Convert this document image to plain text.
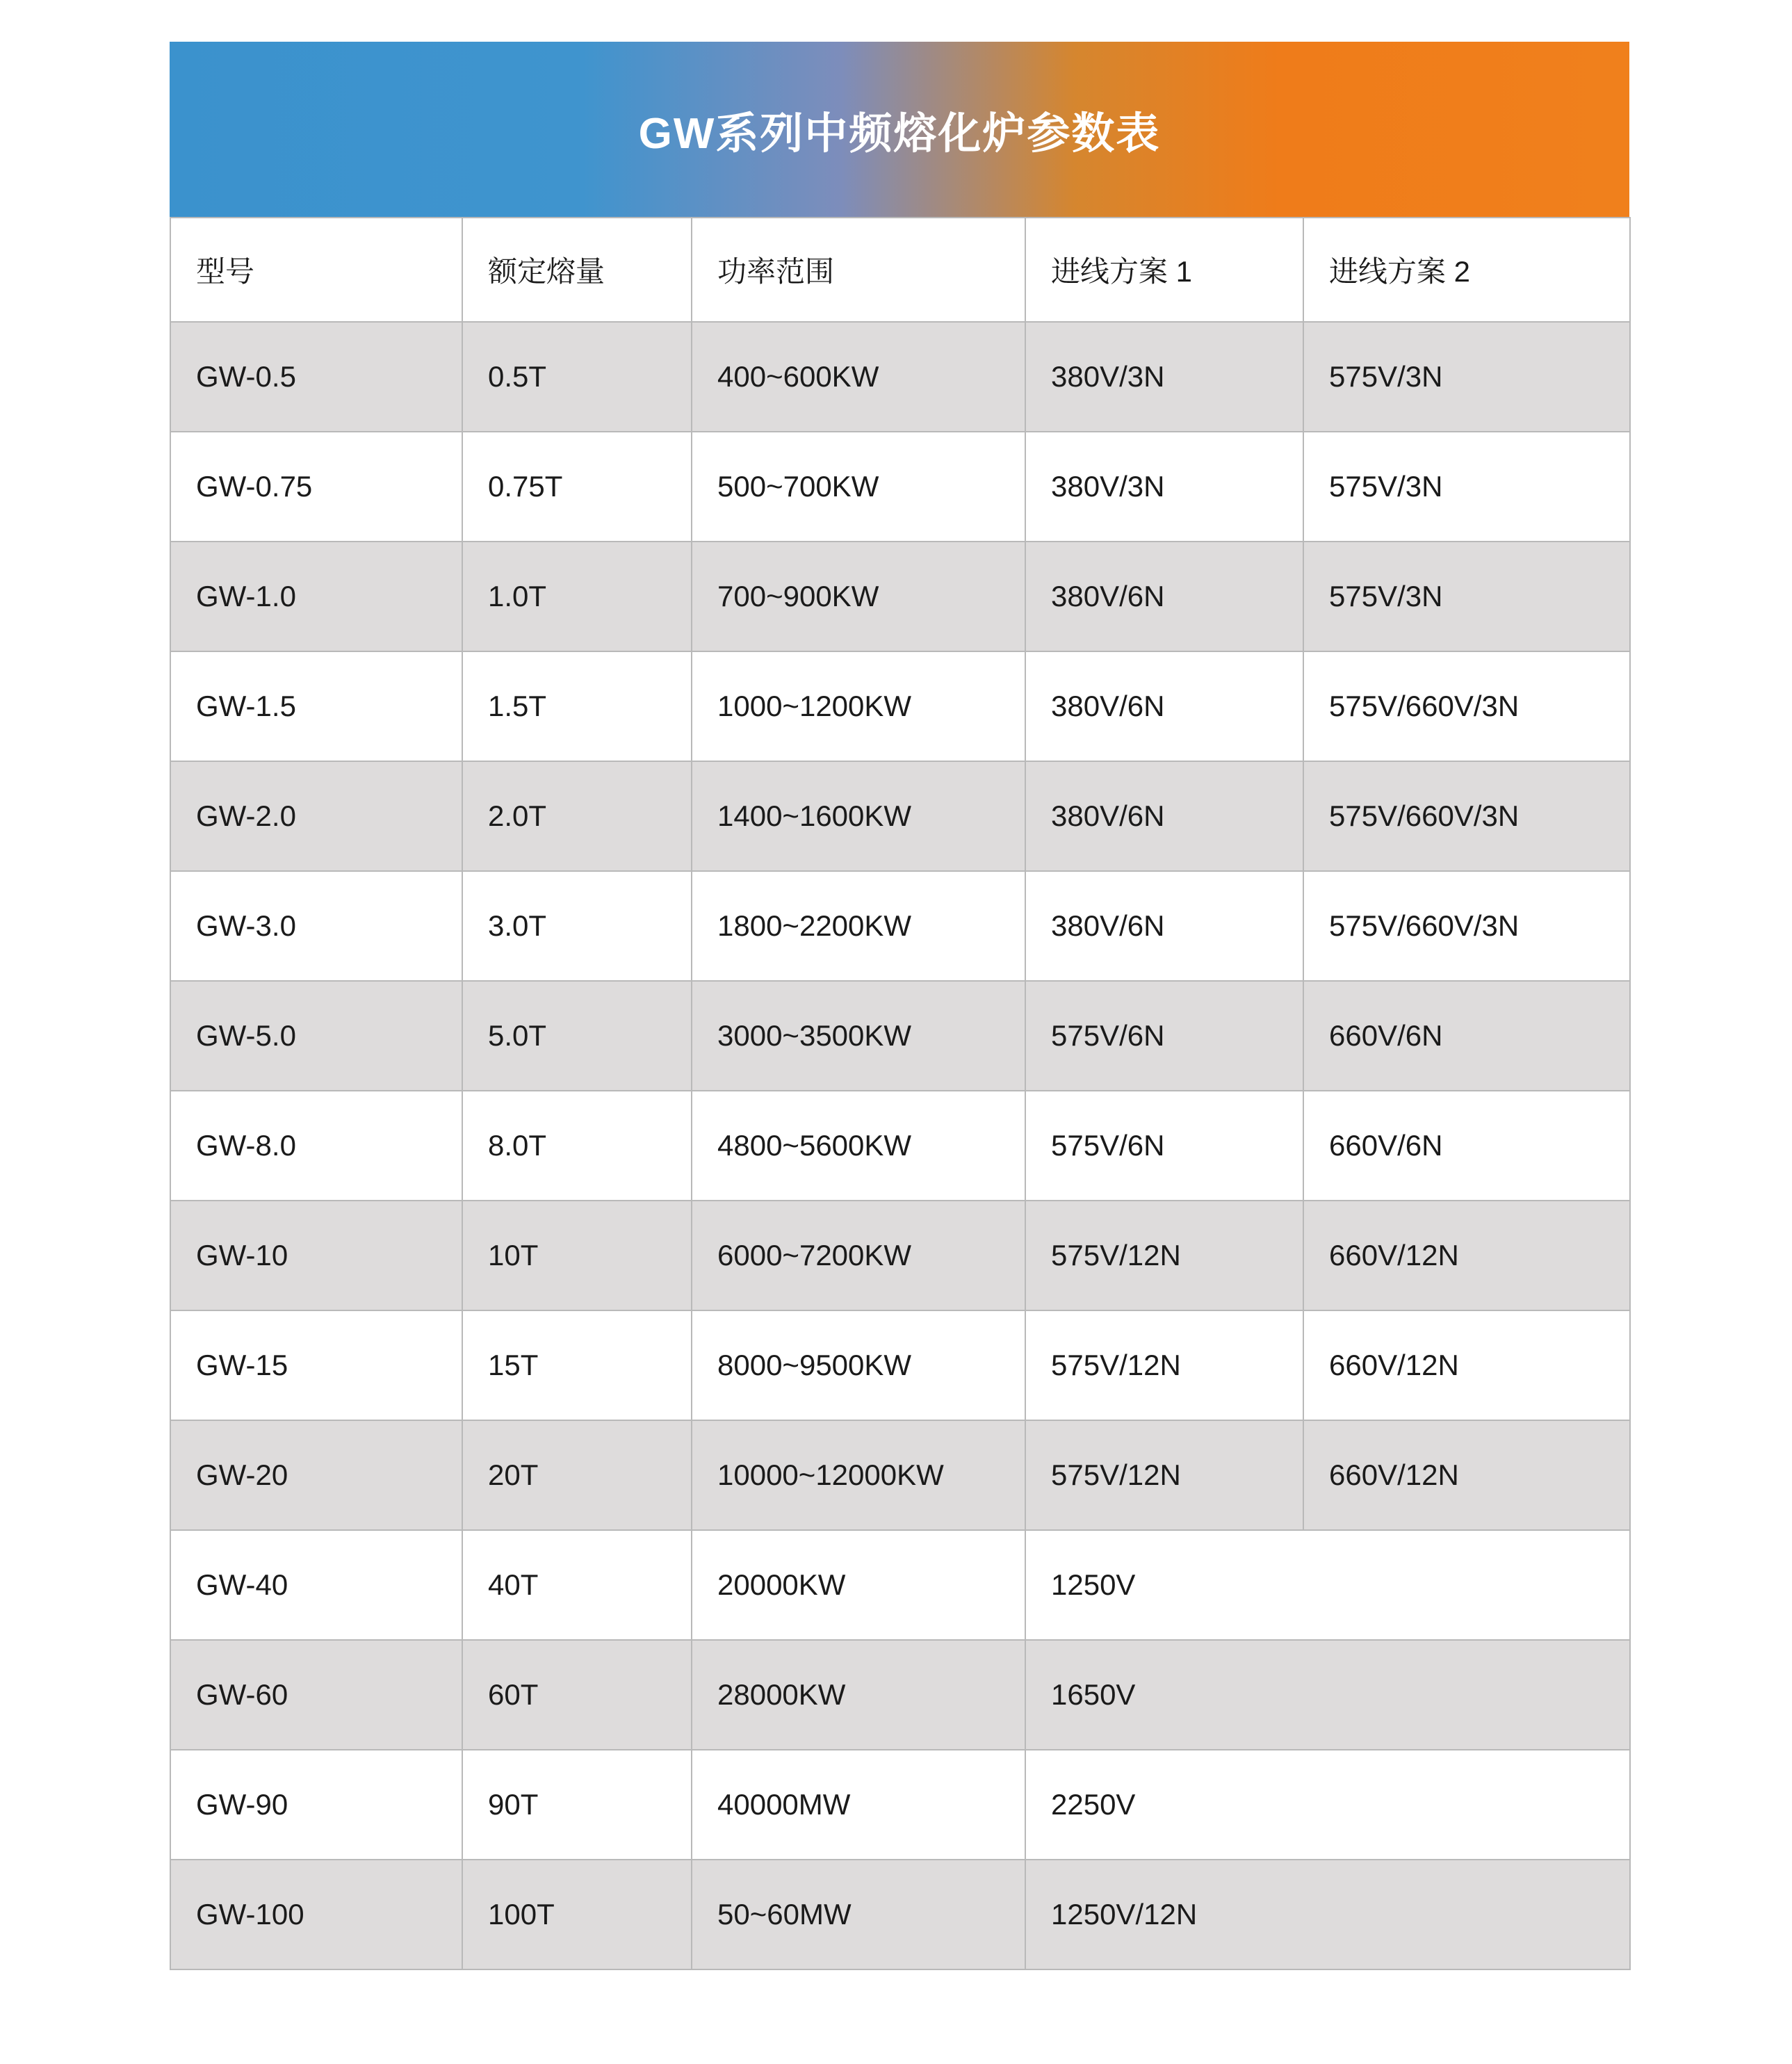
GW系列中频熔化炉参数表
型号	额定熔量	功率范围	进线方案 1	进线方案 2
GW-0.5	0.5T	400~600KW	380V/3N	575V/3N
GW-0.75	0.75T	500~700KW	380V/3N	575V/3N
GW-1.0	1.0T	700~900KW	380V/6N	575V/3N
GW-1.5	1.5T	1000~1200KW	380V/6N	575V/660V/3N
GW-2.0	2.0T	1400~1600KW	380V/6N	575V/660V/3N
GW-3.0	3.0T	1800~2200KW	380V/6N	575V/660V/3N
GW-5.0	5.0T	3000~3500KW	575V/6N	660V/6N
GW-8.0	8.0T	4800~5600KW	575V/6N	660V/6N
GW-10	10T	6000~7200KW	575V/12N	660V/12N
GW-15	15T	8000~9500KW	575V/12N	660V/12N
GW-20	20T	10000~12000KW	575V/12N	660V/12N
GW-40	40T	20000KW	1250V	
GW-60	60T	28000KW	1650V	
GW-90	90T	40000MW	2250V	
GW-100	100T	50~60MW	1250V/12N	
